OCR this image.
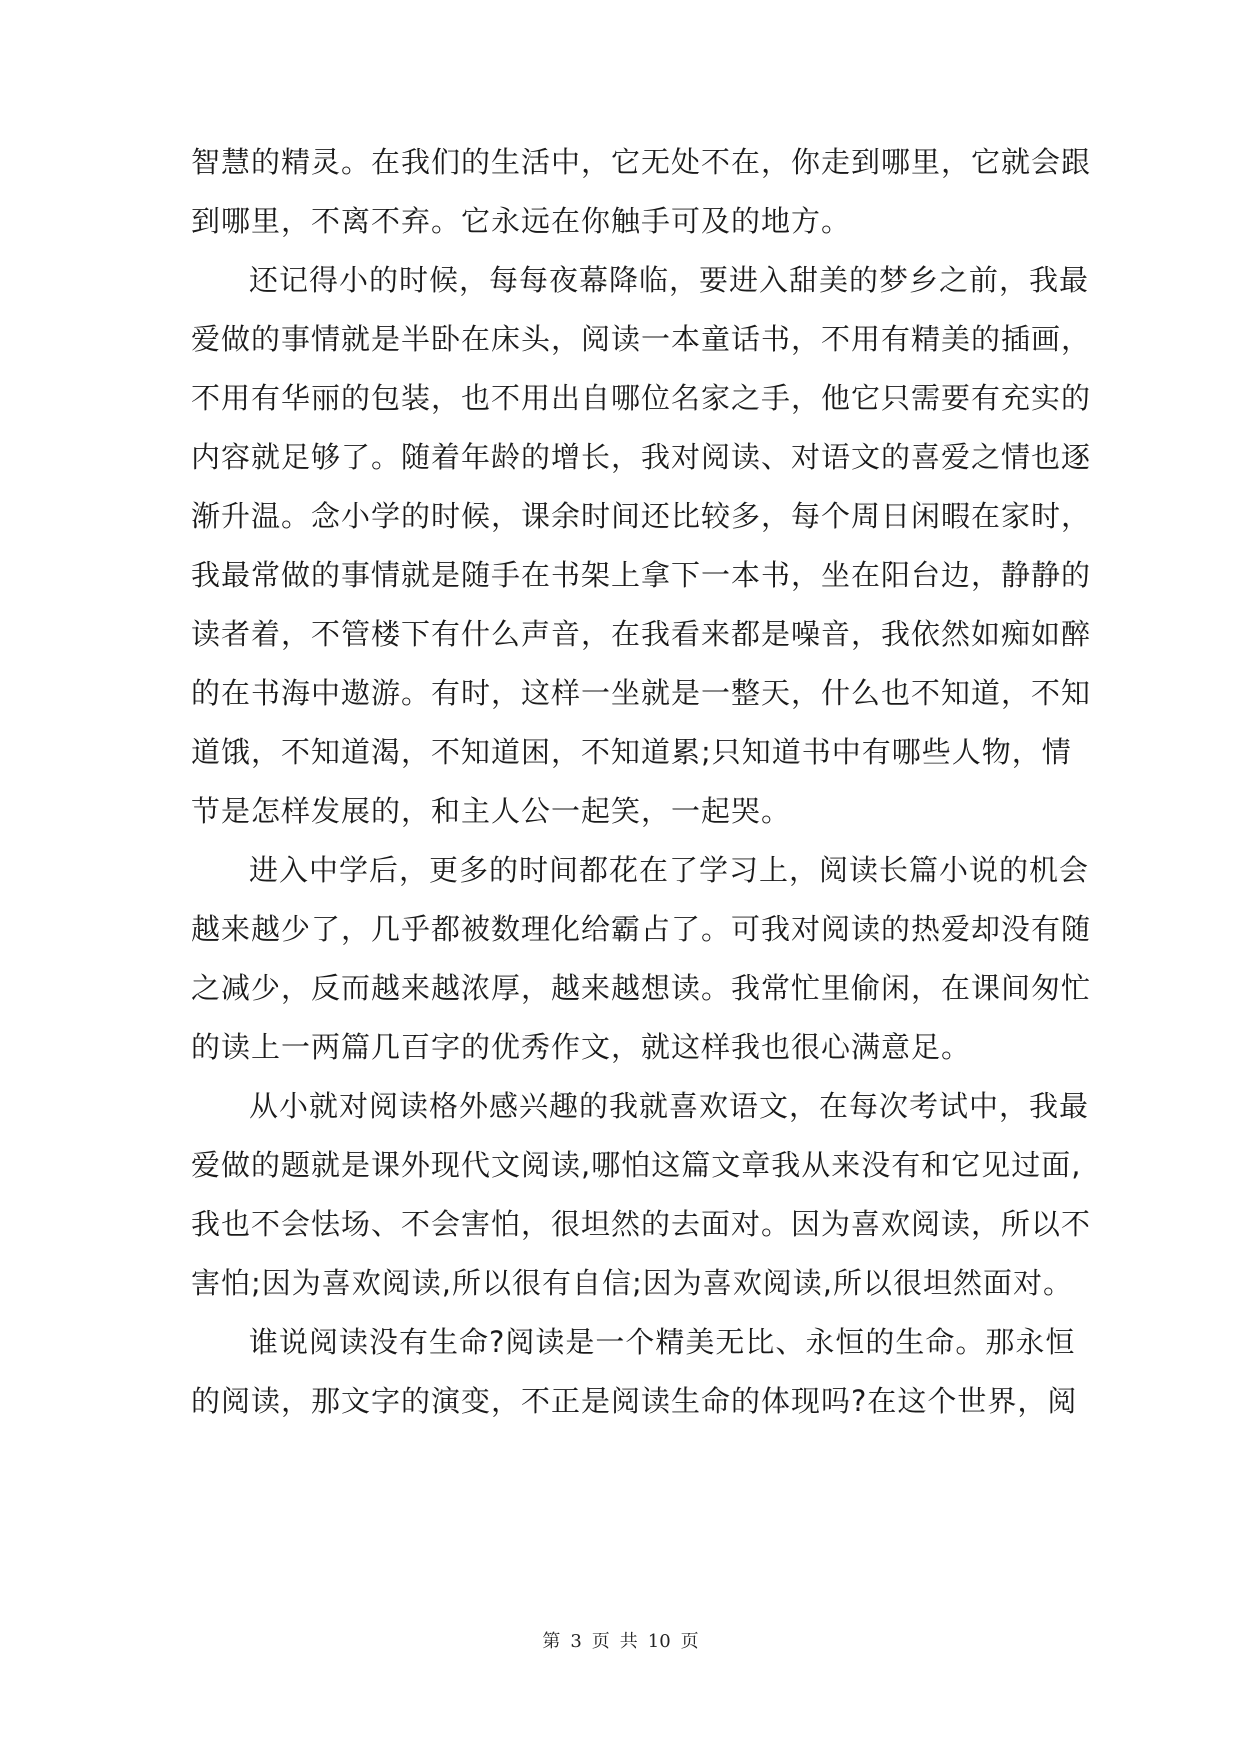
智慧的精灵。在我们的生活中，它无处不在，你走到哪里，它就会跟
到哪里，不离不弃。它永远在你触手可及的地方。
还记得小的时候，每每夜幕降临，要进入甜美的梦乡之前，我最
爱做的事情就是半卧在床头，阅读一本童话书，不用有精美的插画，
不用有华丽的包装，也不用出自哪位名家之手，他它只需要有充实的
内容就足够了。随着年龄的增长，我对阅读、对语文的喜爱之情也逐
渐升温。念小学的时候，课余时间还比较多，每个周日闲暇在家时，
我最常做的事情就是随手在书架上拿下一本书，坐在阳台边，静静的
读者着，不管楼下有什么声音，在我看来都是噪音，我依然如痴如醉
的在书海中遨游。有时，这样一坐就是一整天，什么也不知道，不知
道饿，不知道渴，不知道困，不知道累;只知道书中有哪些人物，情
节是怎样发展的，和主人公一起笑，一起哭。
进入中学后，更多的时间都花在了学习上，阅读长篇小说的机会
越来越少了，几乎都被数理化给霸占了。可我对阅读的热爱却没有随
之减少，反而越来越浓厚，越来越想读。我常忙里偷闲，在课间匆忙
的读上一两篇几百字的优秀作文，就这样我也很心满意足。
从小就对阅读格外感兴趣的我就喜欢语文，在每次考试中，我最
爱做的题就是课外现代文阅读,哪怕这篇文章我从来没有和它见过面,
我也不会怯场、不会害怕，很坦然的去面对。因为喜欢阅读，所以不
害怕;因为喜欢阅读,所以很有自信;因为喜欢阅读,所以很坦然面对。
谁说阅读没有生命?阅读是一个精美无比、永恒的生命。那永恒
的阅读，那文字的演变，不正是阅读生命的体现吗?在这个世界，阅
第 3 页 共 10 页
